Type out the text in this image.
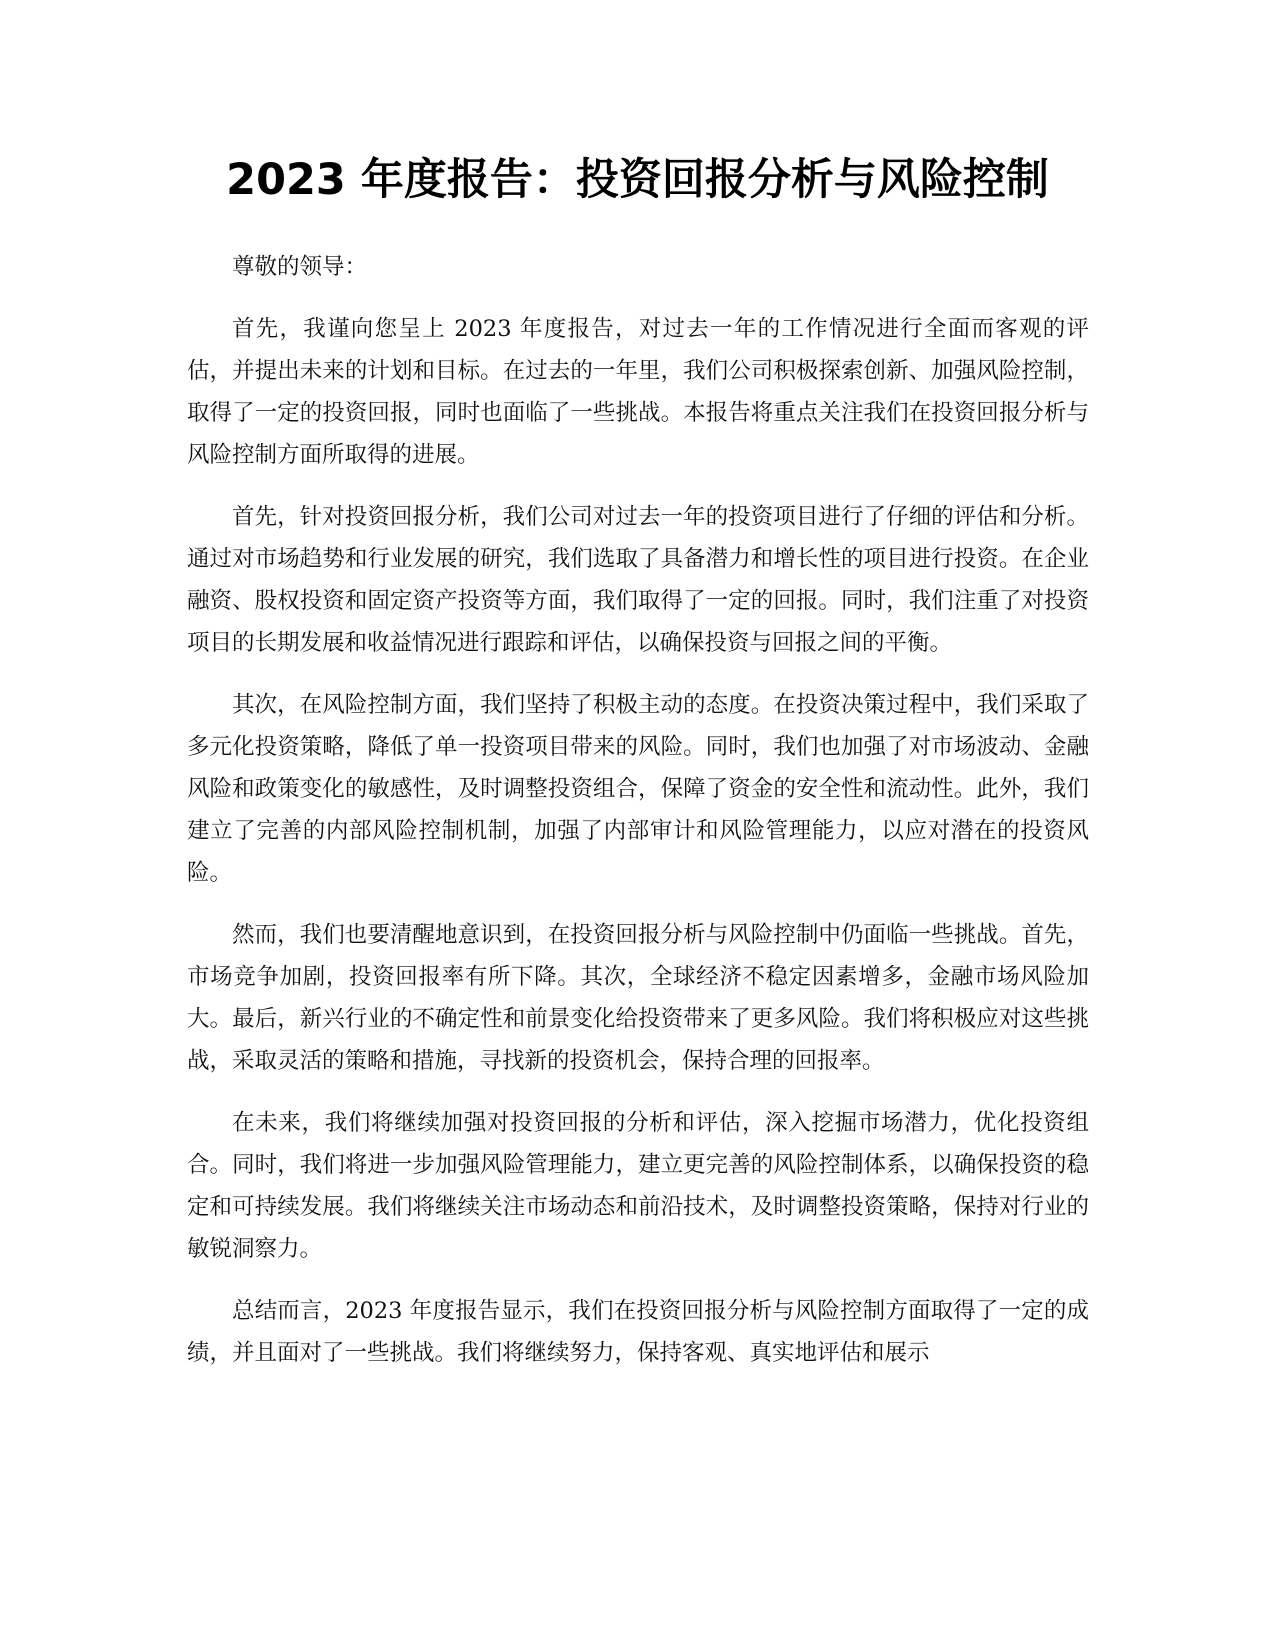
2023 年度报告：投资回报分析与风险控制

尊敬的领导：

首先，我谨向您呈上 2023 年度报告，对过去一年的工作情况进行全面而客观的评估，并提出未来的计划和目标。在过去的一年里，我们公司积极探索创新、加强风险控制，取得了一定的投资回报，同时也面临了一些挑战。本报告将重点关注我们在投资回报分析与风险控制方面所取得的进展。

首先，针对投资回报分析，我们公司对过去一年的投资项目进行了仔细的评估和分析。通过对市场趋势和行业发展的研究，我们选取了具备潜力和增长性的项目进行投资。在企业融资、股权投资和固定资产投资等方面，我们取得了一定的回报。同时，我们注重了对投资项目的长期发展和收益情况进行跟踪和评估，以确保投资与回报之间的平衡。

其次，在风险控制方面，我们坚持了积极主动的态度。在投资决策过程中，我们采取了多元化投资策略，降低了单一投资项目带来的风险。同时，我们也加强了对市场波动、金融风险和政策变化的敏感性，及时调整投资组合，保障了资金的安全性和流动性。此外，我们建立了完善的内部风险控制机制，加强了内部审计和风险管理能力，以应对潜在的投资风险。

然而，我们也要清醒地意识到，在投资回报分析与风险控制中仍面临一些挑战。首先，市场竞争加剧，投资回报率有所下降。其次，全球经济不稳定因素增多，金融市场风险加大。最后，新兴行业的不确定性和前景变化给投资带来了更多风险。我们将积极应对这些挑战，采取灵活的策略和措施，寻找新的投资机会，保持合理的回报率。

在未来，我们将继续加强对投资回报的分析和评估，深入挖掘市场潜力，优化投资组合。同时，我们将进一步加强风险管理能力，建立更完善的风险控制体系，以确保投资的稳定和可持续发展。我们将继续关注市场动态和前沿技术，及时调整投资策略，保持对行业的敏锐洞察力。

总结而言，2023 年度报告显示，我们在投资回报分析与风险控制方面取得了一定的成绩，并且面对了一些挑战。我们将继续努力，保持客观、真实地评估和展示
